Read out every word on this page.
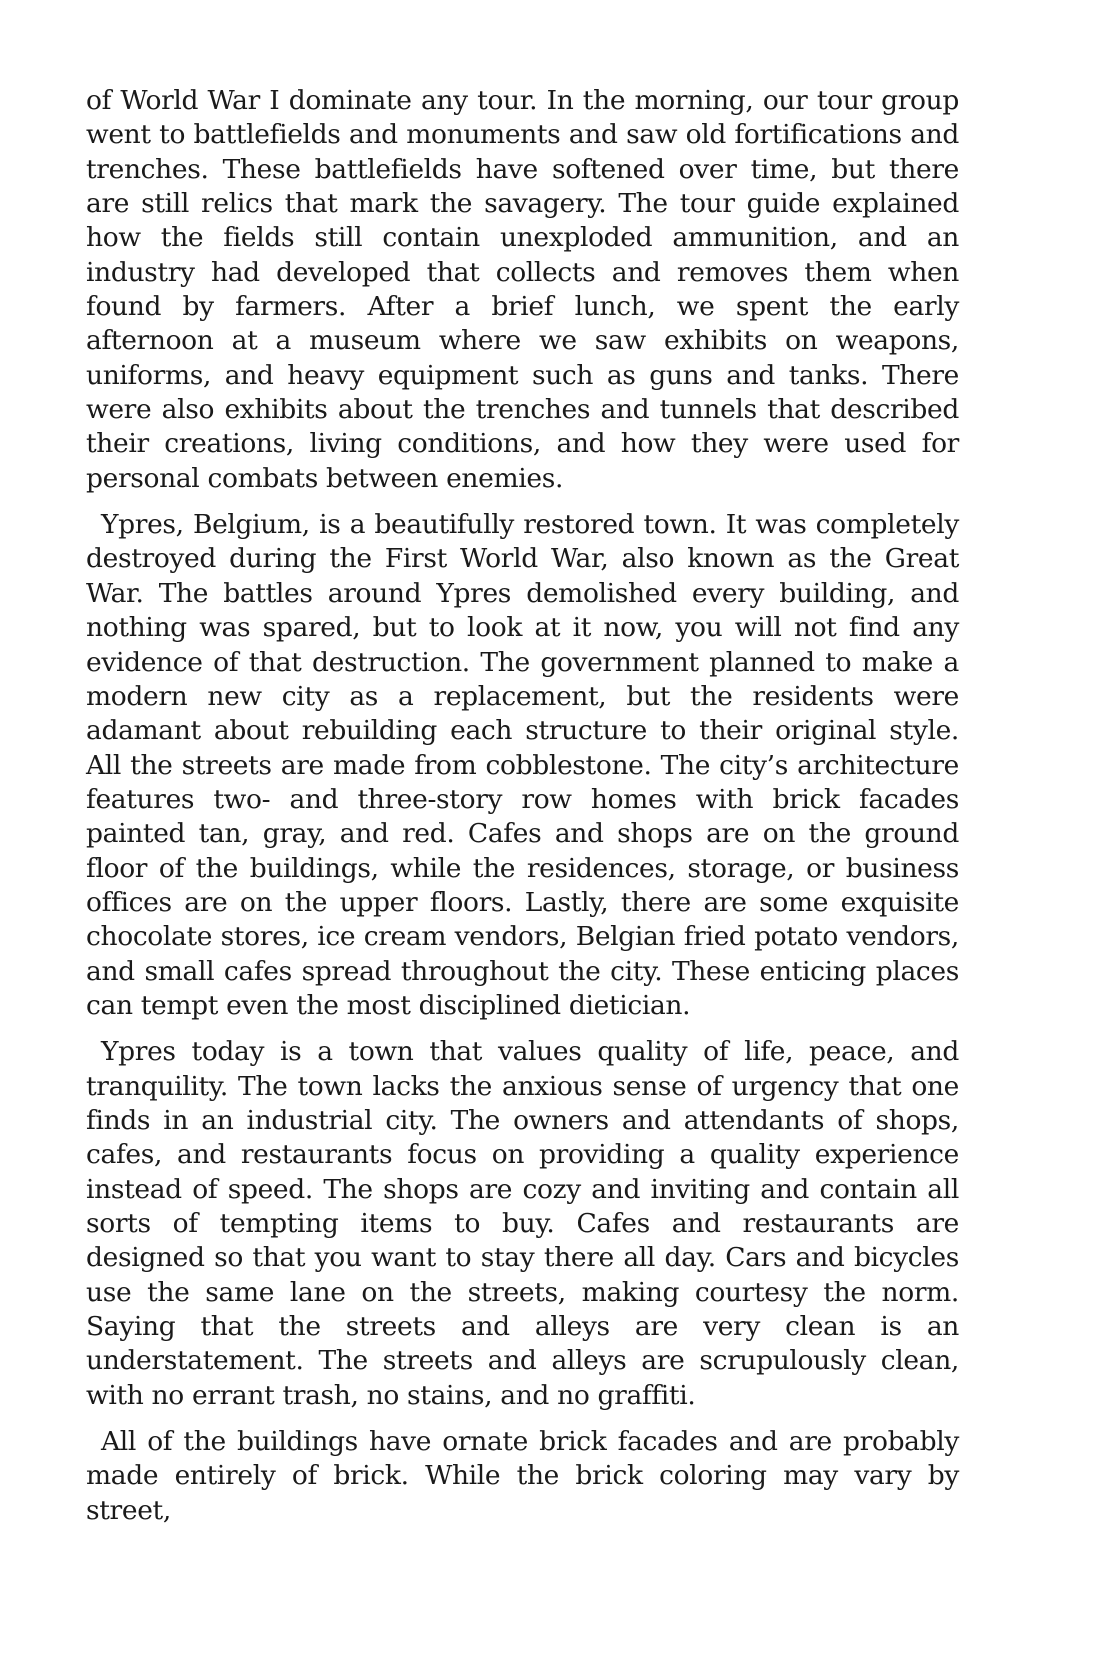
of World War I dominate any tour. In the morning, our tour group went to battlefields and monuments and saw old fortifications and trenches. These battlefields have softened over time, but there are still relics that mark the savagery. The tour guide explained how the fields still contain unexploded ammunition, and an industry had developed that collects and removes them when found by farmers. After a brief lunch, we spent the early afternoon at a museum where we saw exhibits on weapons, uniforms, and heavy equipment such as guns and tanks. There were also exhibits about the trenches and tunnels that described their creations, living conditions, and how they were used for personal combats between enemies.

Ypres, Belgium, is a beautifully restored town. It was completely destroyed during the First World War, also known as the Great War. The battles around Ypres demolished every building, and nothing was spared, but to look at it now, you will not find any evidence of that destruction. The government planned to make a modern new city as a replacement, but the residents were adamant about rebuilding each structure to their original style. All the streets are made from cobblestone. The city’s architecture features two- and three-story row homes with brick facades painted tan, gray, and red. Cafes and shops are on the ground floor of the buildings, while the residences, storage, or business offices are on the upper floors. Lastly, there are some exquisite chocolate stores, ice cream vendors, Belgian fried potato vendors, and small cafes spread throughout the city. These enticing places can tempt even the most disciplined dietician.

Ypres today is a town that values quality of life, peace, and tranquility. The town lacks the anxious sense of urgency that one finds in an industrial city. The owners and attendants of shops, cafes, and restaurants focus on providing a quality experience instead of speed. The shops are cozy and inviting and contain all sorts of tempting items to buy. Cafes and restaurants are designed so that you want to stay there all day. Cars and bicycles use the same lane on the streets, making courtesy the norm. Saying that the streets and alleys are very clean is an understatement. The streets and alleys are scrupulously clean, with no errant trash, no stains, and no graffiti.

All of the buildings have ornate brick facades and are probably made entirely of brick. While the brick coloring may vary by street,
